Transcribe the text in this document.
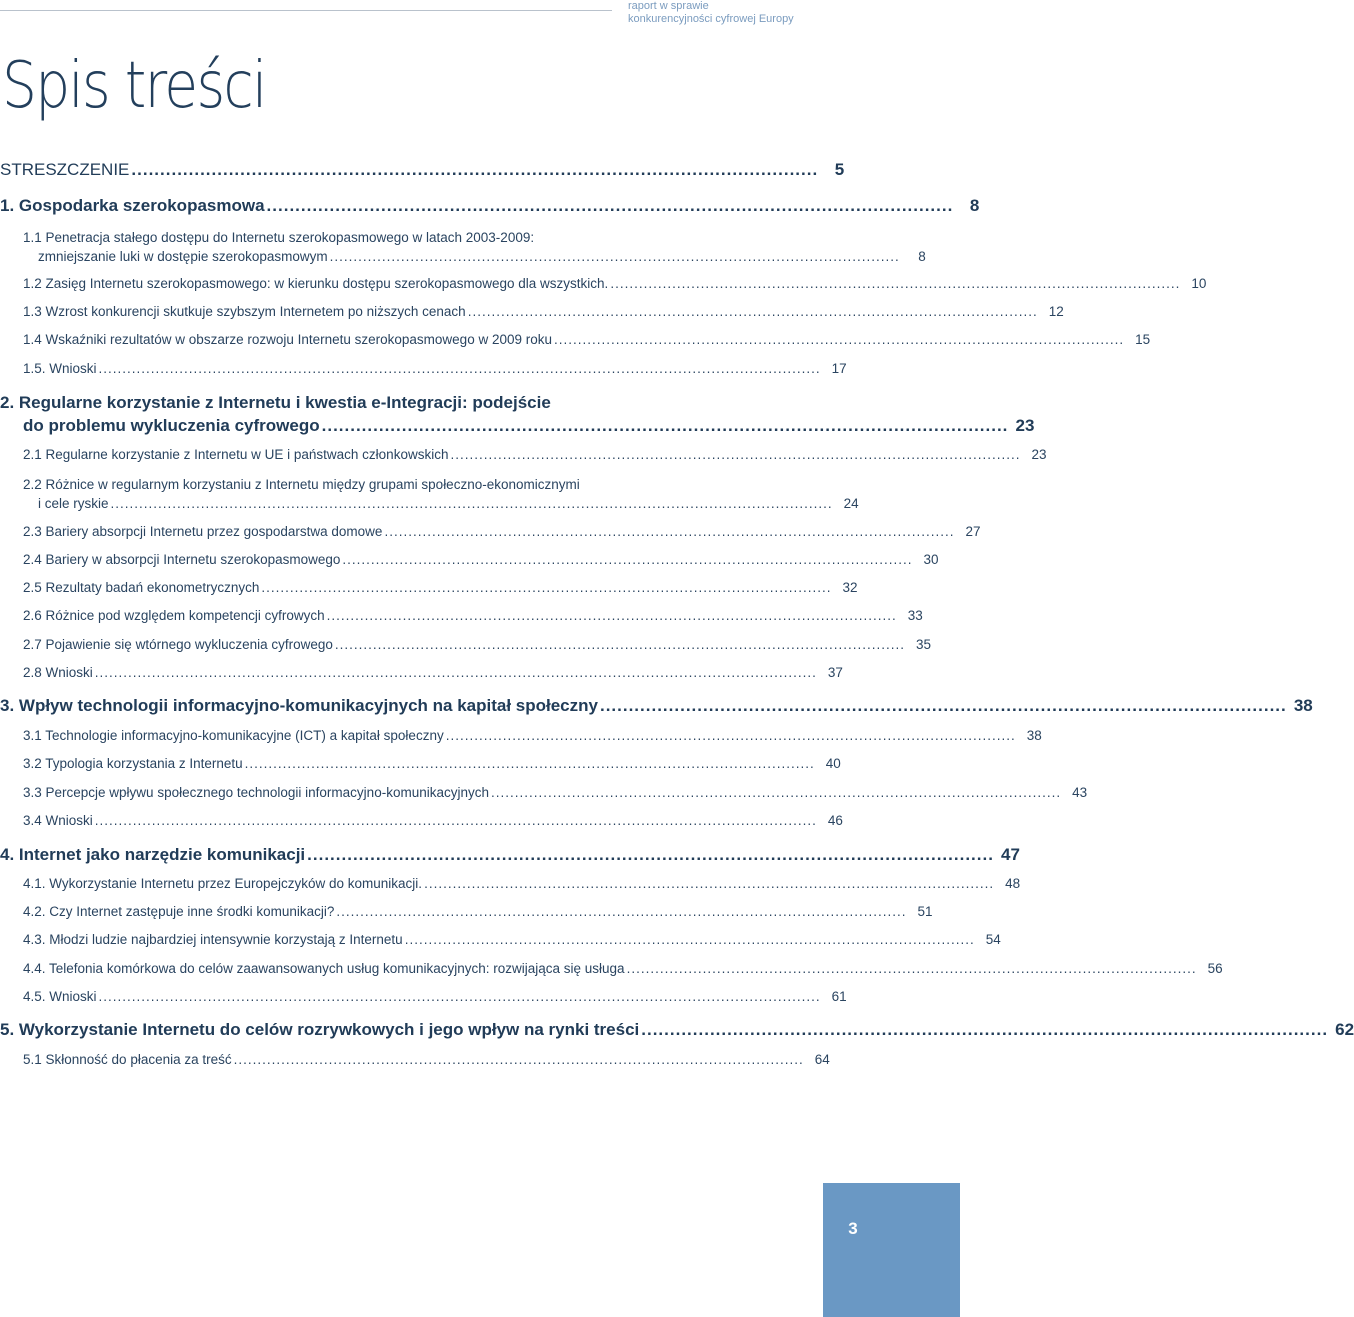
raport w sprawie
konkurencyjności cyfrowej Europy
Spis treści
STRESZCZENIE ........................................................................................................................ 5
1. Gospodarka szerokopasmowa ........................................................................................................................ 8
1.1 Penetracja stałego dostępu do Internetu szerokopasmowego w latach 2003-2009:
zmniejszanie luki w dostępie szerokopasmowym ........................................................................................................................	8
1.2 Zasięg Internetu szerokopasmowego: w kierunku dostępu szerokopasmowego dla wszystkich. ........................................................................................................................ 10
1.3 Wzrost konkurencji skutkuje szybszym Internetem po niższych cenach ........................................................................................................................ 12
1.4 Wskaźniki rezultatów w obszarze rozwoju Internetu szerokopasmowego w 2009 roku ........................................................................................................................ 15
1.5. Wnioski ........................................................................................................................................................ 17
2. Regularne korzystanie z Internetu i kwestia e-Integracji: podejście
do problemu wykluczenia cyfrowego ........................................................................................................................ 23
2.1 Regularne korzystanie z Internetu w UE i państwach członkowskich ........................................................................................................................ 23
2.2 Różnice w regularnym korzystaniu z Internetu między grupami społeczno-ekonomicznymi
i cele ryskie ........................................................................................................................................................ 24
2.3 Bariery absorpcji Internetu przez gospodarstwa domowe ........................................................................................................................ 27
2.4 Bariery w absorpcji Internetu szerokopasmowego ........................................................................................................................ 30
2.5 Rezultaty badań ekonometrycznych ........................................................................................................................ 32
2.6 Różnice pod względem kompetencji cyfrowych ........................................................................................................................ 33
2.7 Pojawienie się wtórnego wykluczenia cyfrowego ........................................................................................................................ 35
2.8 Wnioski ........................................................................................................................................................ 37
3. Wpływ technologii informacyjno-komunikacyjnych na kapitał społeczny ........................................................................................................................ 38
3.1 Technologie informacyjno-komunikacyjne (ICT) a kapitał społeczny ........................................................................................................................ 38
3.2 Typologia korzystania z Internetu ........................................................................................................................ 40
3.3 Percepcje wpływu społecznego technologii informacyjno-komunikacyjnych ........................................................................................................................ 43
3.4 Wnioski ........................................................................................................................................................ 46
4. Internet jako narzędzie komunikacji ........................................................................................................................ 47
4.1. Wykorzystanie Internetu przez Europejczyków do komunikacji. ........................................................................................................................ 48
4.2. Czy Internet zastępuje inne środki komunikacji? ........................................................................................................................ 51
4.3. Młodzi ludzie najbardziej intensywnie korzystają z Internetu ........................................................................................................................ 54
4.4. Telefonia komórkowa do celów zaawansowanych usług komunikacyjnych: rozwijająca się usługa ........................................................................................................................ 56
4.5. Wnioski ........................................................................................................................................................ 61
5. Wykorzystanie Internetu do celów rozrywkowych i jego wpływ na rynki treści ........................................................................................................................ 62
5.1 Skłonność do płacenia za treść ........................................................................................................................ 64
3
